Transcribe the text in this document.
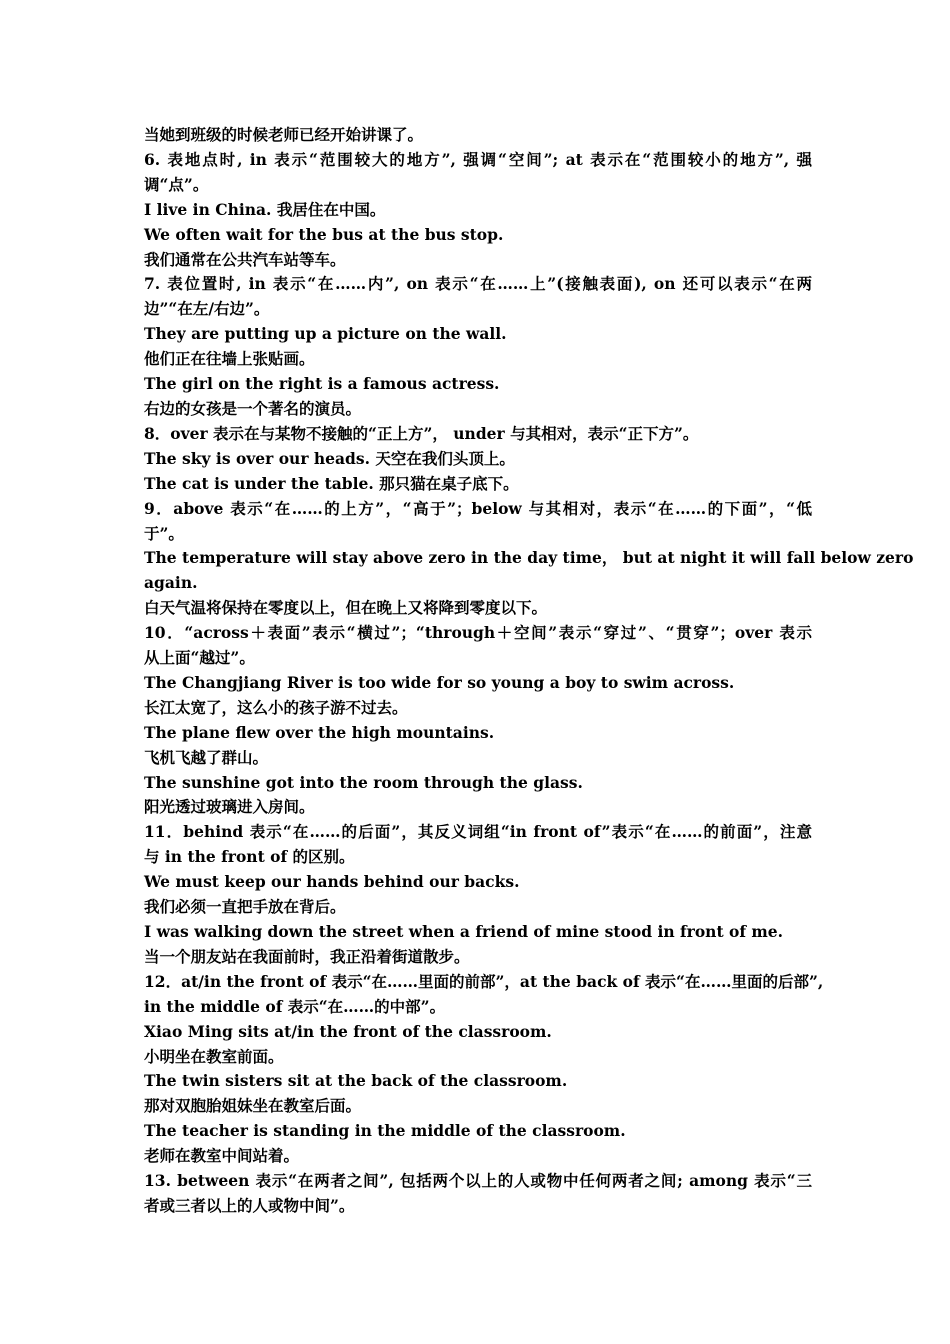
当她到班级的时候老师已经开始讲课了。
6. 表地点时, in 表示“范围较大的地方”, 强调“空间”; at 表示在“范围较小的地方”, 强
调“点”。
I live in China. 我居住在中国。
We often wait for the bus at the bus stop.
我们通常在公共汽车站等车。
7. 表位置时, in 表示“在……内”, on 表示“在……上”(接触表面), on 还可以表示“在两
边”“在左/右边”。
They are putting up a picture on the wall.
他们正在往墙上张贴画。
The girl on the right is a famous actress.
右边的女孩是一个著名的演员。
8．over 表示在与某物不接触的“正上方”， under 与其相对，表示“正下方”。
The sky is over our heads. 天空在我们头顶上。
The cat is under the table. 那只猫在桌子底下。
9．above 表示“在……的上方”，“高于”；below 与其相对，表示“在……的下面”，“低
于”。
The temperature will stay above zero in the day time， but at night it will fall below zero
again.
白天气温将保持在零度以上，但在晚上又将降到零度以下。
10．“across＋表面”表示“横过”；“through＋空间”表示“穿过”、“贯穿”；over 表示
从上面“越过”。
The Changjiang River is too wide for so young a boy to swim across.
长江太宽了，这么小的孩子游不过去。
The plane flew over the high mountains.
飞机飞越了群山。
The sunshine got into the room through the glass.
阳光透过玻璃进入房间。
11．behind 表示“在……的后面”，其反义词组“in front of”表示“在……的前面”，注意
与 in the front of 的区别。
We must keep our hands behind our backs.
我们必须一直把手放在背后。
I was walking down the street when a friend of mine stood in front of me.
当一个朋友站在我面前时，我正沿着街道散步。
12．at/in the front of 表示“在……里面的前部”，at the back of 表示“在……里面的后部”,
in the middle of 表示“在……的中部”。
Xiao Ming sits at/in the front of the classroom.
小明坐在教室前面。
The twin sisters sit at the back of the classroom.
那对双胞胎姐妹坐在教室后面。
The teacher is standing in the middle of the classroom.
老师在教室中间站着。
13. between 表示“在两者之间”, 包括两个以上的人或物中任何两者之间; among 表示“三
者或三者以上的人或物中间”。
